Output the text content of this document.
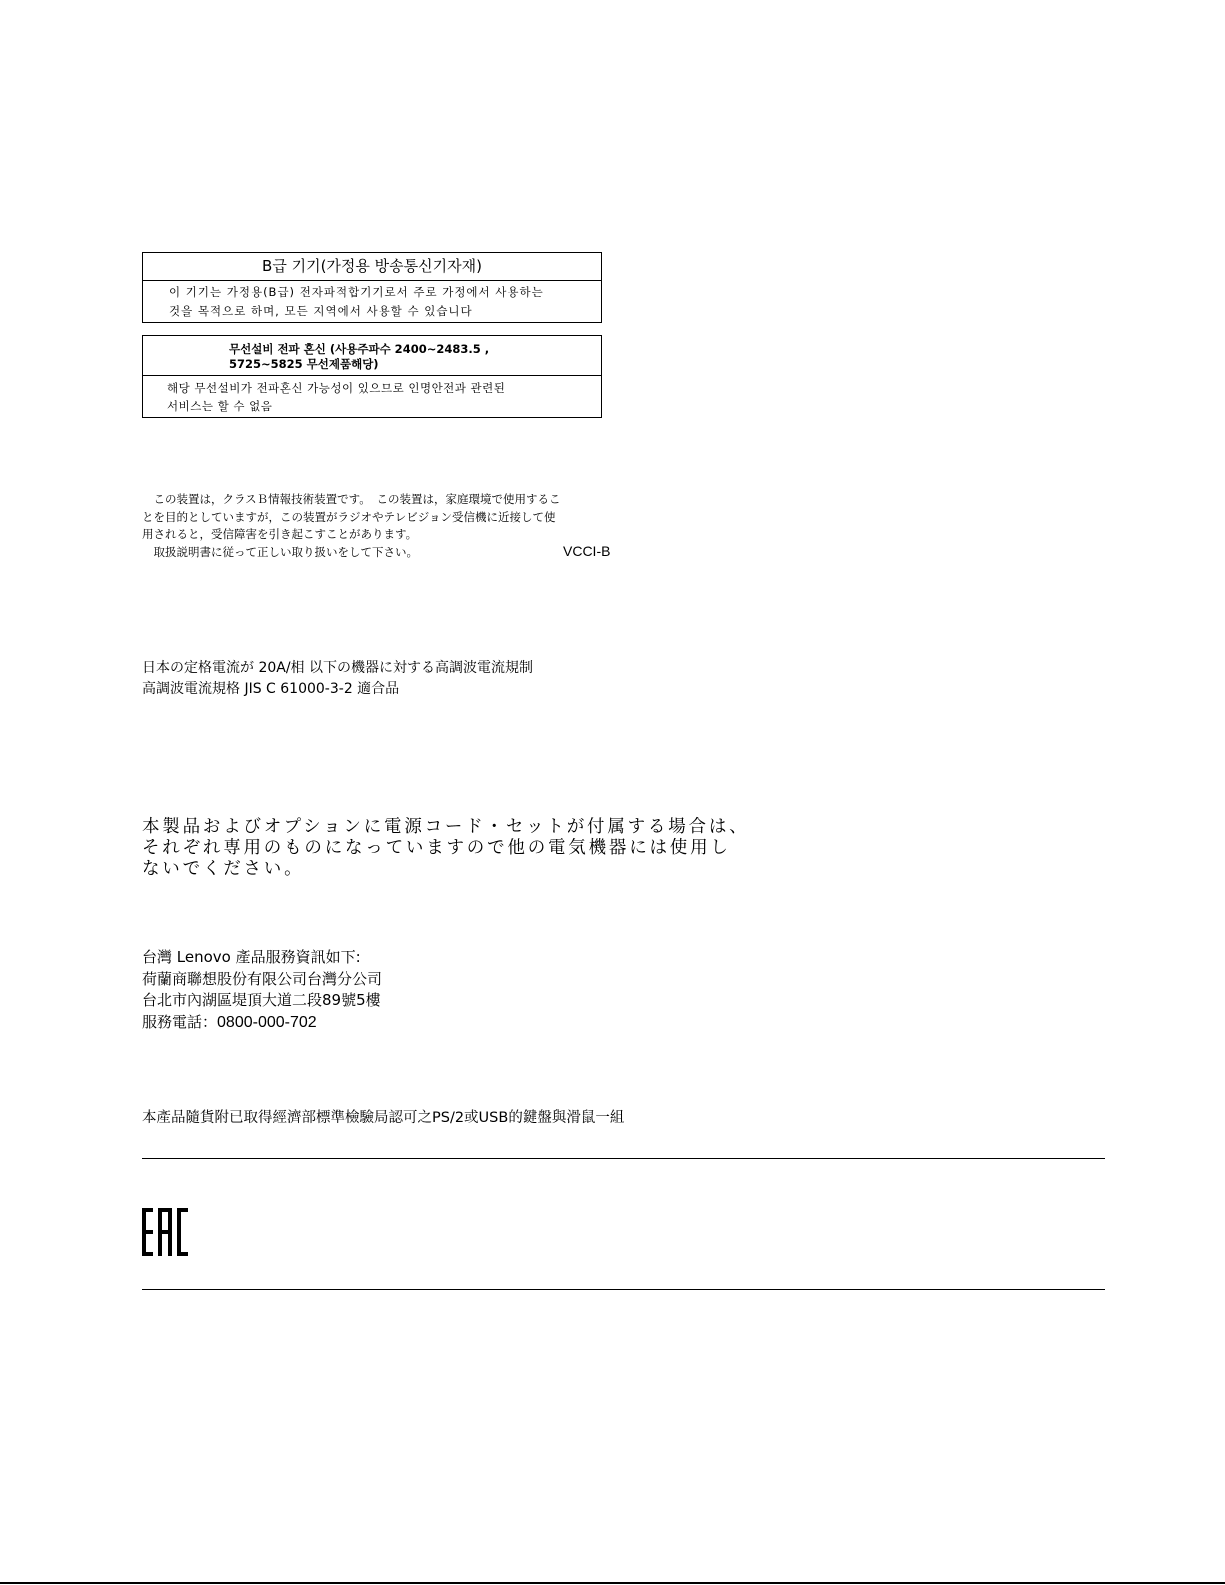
B급 기기(가정용 방송통신기자재)
이 기기는 가정용(B급) 전자파적합기기로서 주로 가정에서 사용하는
것을 목적으로 하며, 모든 지역에서 사용할 수 있습니다
무선설비 전파 혼신 (사용주파수 2400∼2483.5 ,
5725∼5825 무선제품해당)
해당 무선설비가 전파혼신 가능성이 있으므로 인명안전과 관련된
서비스는 할 수 없음
　この装置は，クラスＢ情報技術装置です。　この装置は，家庭環境で使用するこ
とを目的としていますが，この装置がラジオやテレビジョン受信機に近接して使
用されると，受信障害を引き起こすことがあります。
　取扱説明書に従って正しい取り扱いをして下さい。	VCCI-B
日本の定格電流が 20A/相 以下の機器に対する高調波電流規制
高調波電流規格 JIS C 61000-3-2 適合品
本製品およびオプションに電源コード・セットが付属する場合は、
それぞれ専用のものになっていますので他の電気機器には使用し
ないでください。
台灣 Lenovo 產品服務資訊如下:
荷蘭商聯想股份有限公司台灣分公司
台北市內湖區堤頂大道二段89號5樓
服務電話：0800-000-702
本產品隨貨附已取得經濟部標準檢驗局認可之PS/2或USB的鍵盤與滑鼠一組
